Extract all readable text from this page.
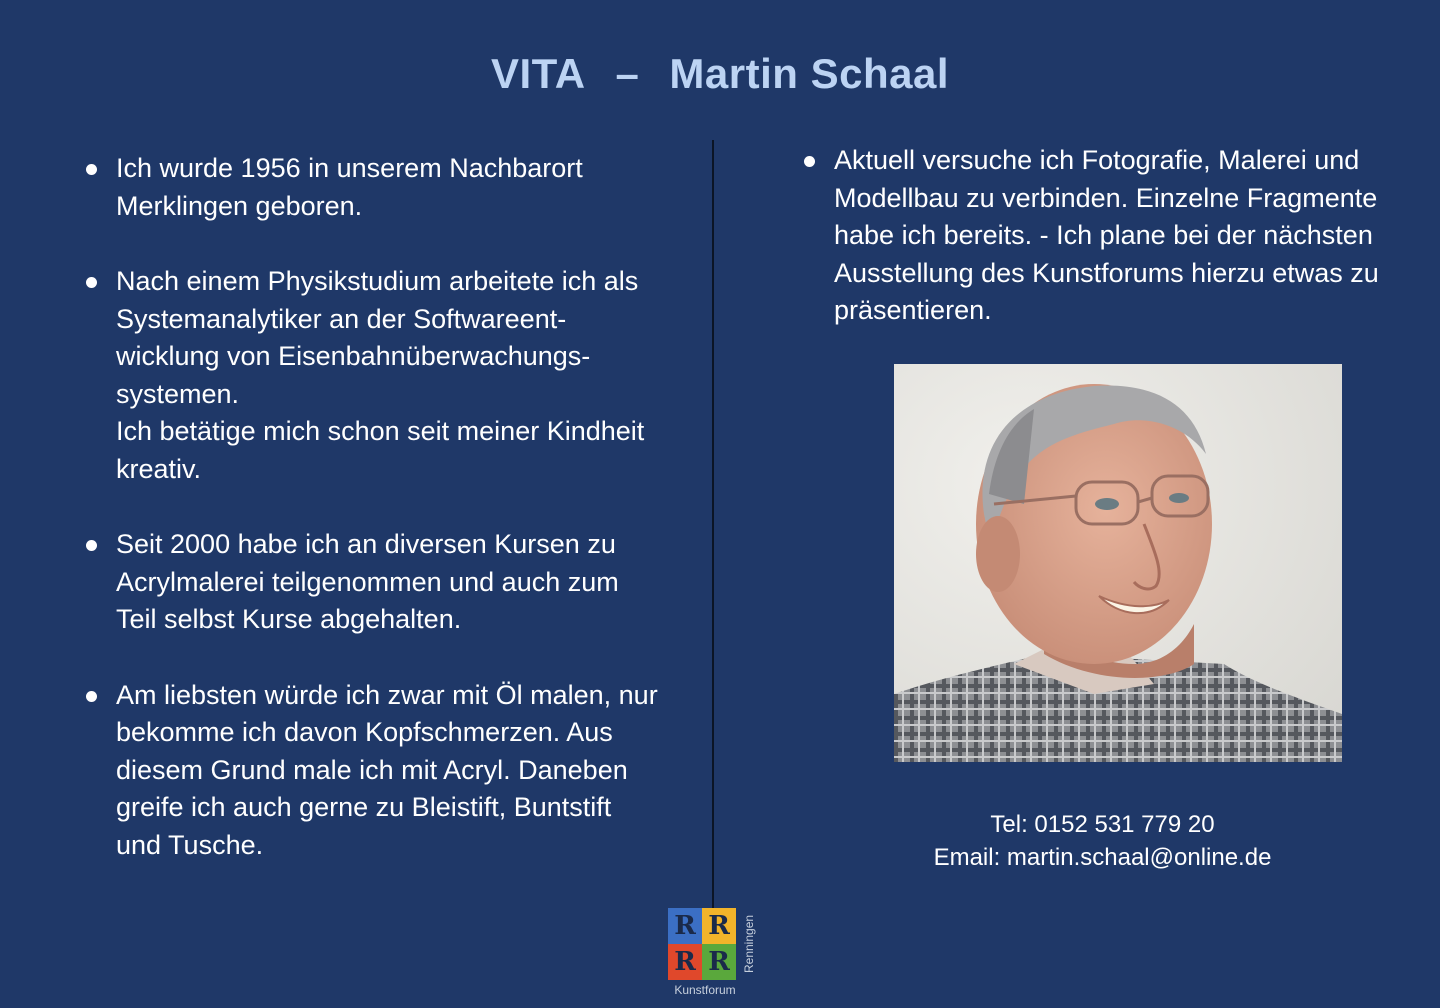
VITA – Martin Schaal
Ich wurde 1956 in unserem Nachbarort
Merklingen geboren.
Nach einem Physikstudium arbeitete ich als
Systemanalytiker an der Softwareent-
wicklung von Eisenbahnüberwachungs-
systemen.
Ich betätige mich schon seit meiner Kindheit
kreativ.
Seit 2000 habe ich an diversen Kursen zu
Acrylmalerei teilgenommen und auch zum
Teil selbst Kurse abgehalten.
Am liebsten würde ich zwar mit Öl malen, nur
bekomme ich davon Kopfschmerzen. Aus
diesem Grund male ich mit Acryl. Daneben
greife ich auch gerne zu Bleistift, Buntstift
und Tusche.
Aktuell versuche ich Fotografie, Malerei und
Modellbau zu verbinden. Einzelne Fragmente
habe ich bereits. - Ich plane bei der nächsten
Ausstellung des Kunstforums hierzu etwas zu
präsentieren.
Tel: 0152 531 779 20
Email: martin.schaal@online.de
R R
R R	Renningen
Kunstforum
